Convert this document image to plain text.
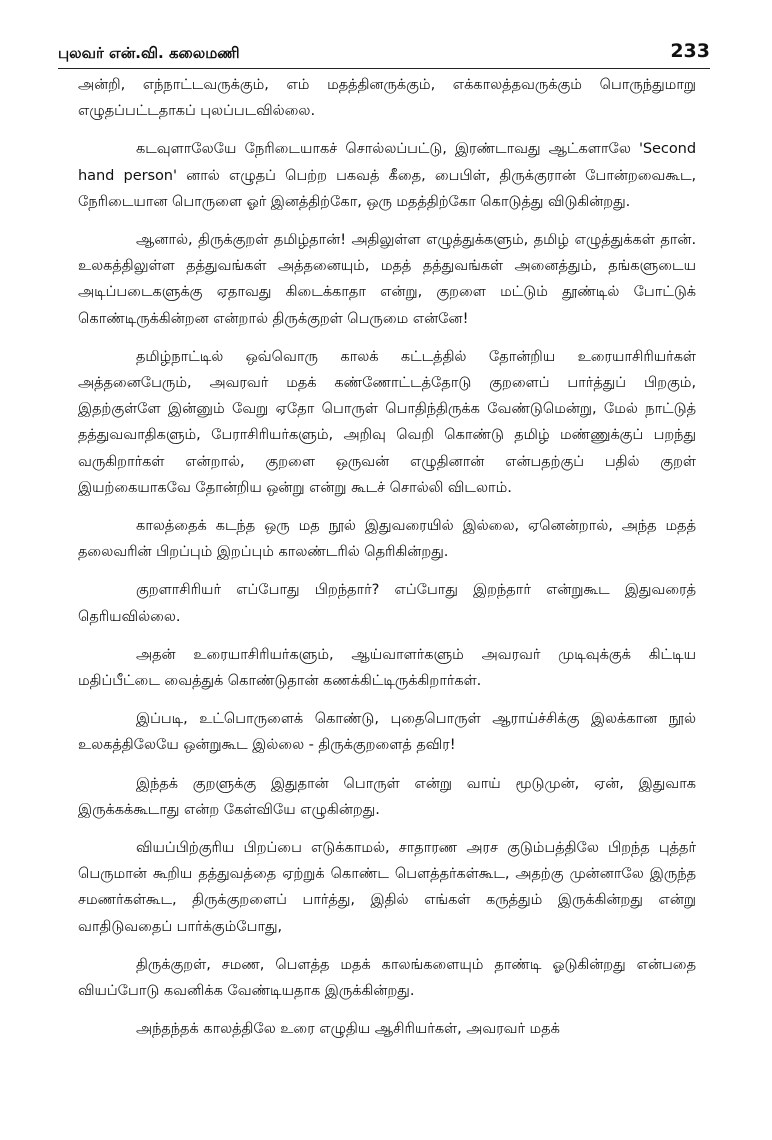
புலவர் என்.வி. கலைமணி	233

அன்றி, எந்நாட்டவருக்கும், எம் மதத்தினருக்கும், எக்காலத்தவருக்கும் பொருந்துமாறு எழுதப்பட்டதாகப் புலப்படவில்லை.

கடவுளாலேயே நேரிடையாகச் சொல்லப்பட்டு, இரண்டாவது ஆட்களாலே 'Second hand person' னால் எழுதப் பெற்ற பகவத் கீதை, பைபிள், திருக்குரான் போன்றவைகூட, நேரிடையான பொருளை ஓர் இனத்திற்கோ, ஒரு மதத்திற்கோ கொடுத்து விடுகின்றது.

ஆனால், திருக்குறள் தமிழ்தான்! அதிலுள்ள எழுத்துக்களும், தமிழ் எழுத்துக்கள் தான். உலகத்திலுள்ள தத்துவங்கள் அத்தனையும், மதத் தத்துவங்கள் அனைத்தும், தங்களுடைய அடிப்படைகளுக்கு ஏதாவது கிடைக்காதா என்று, குறளை மட்டும் தூண்டில் போட்டுக் கொண்டிருக்கின்றன என்றால் திருக்குறள் பெருமை என்னே!

தமிழ்நாட்டில் ஒவ்வொரு காலக் கட்டத்தில் தோன்றிய உரையாசிரியர்கள் அத்தனைபேரும், அவரவர் மதக் கண்ணோட்டத்தோடு குறளைப் பார்த்துப் பிறகும், இதற்குள்ளே இன்னும் வேறு ஏதோ பொருள் பொதிந்திருக்க வேண்டுமென்று, மேல் நாட்டுத் தத்துவவாதிகளும், பேராசிரியர்களும், அறிவு வெறி கொண்டு தமிழ் மண்ணுக்குப் பறந்து வருகிறார்கள் என்றால், குறளை ஒருவன் எழுதினான் என்பதற்குப் பதில் குறள் இயற்கையாகவே தோன்றிய ஒன்று என்று கூடச் சொல்லி விடலாம்.

காலத்தைக் கடந்த ஒரு மத நூல் இதுவரையில் இல்லை, ஏனென்றால், அந்த மதத் தலைவரின் பிறப்பும் இறப்பும் காலண்டரில் தெரிகின்றது.

குறளாசிரியர் எப்போது பிறந்தார்? எப்போது இறந்தார் என்றுகூட இதுவரைத் தெரியவில்லை.

அதன் உரையாசிரியர்களும், ஆய்வாளர்களும் அவரவர் முடிவுக்குக் கிட்டிய மதிப்பீட்டை வைத்துக் கொண்டுதான் கணக்கிட்டிருக்கிறார்கள்.

இப்படி, உட்பொருளைக் கொண்டு, புதைபொருள் ஆராய்ச்சிக்கு இலக்கான நூல் உலகத்திலேயே ஒன்றுகூட இல்லை - திருக்குறளைத் தவிர!

இந்தக் குறளுக்கு இதுதான் பொருள் என்று வாய் மூடுமுன், ஏன், இதுவாக இருக்கக்கூடாது என்ற கேள்வியே எழுகின்றது.

வியப்பிற்குரிய பிறப்பை எடுக்காமல், சாதாரண அரச குடும்பத்திலே பிறந்த புத்தர் பெருமான் கூறிய தத்துவத்தை ஏற்றுக் கொண்ட பௌத்தர்கள்கூட, அதற்கு முன்னாலே இருந்த சமணர்கள்கூட, திருக்குறளைப் பார்த்து, இதில் எங்கள் கருத்தும் இருக்கின்றது என்று வாதிடுவதைப் பார்க்கும்போது,

திருக்குறள், சமண, பௌத்த மதக் காலங்களையும் தாண்டி ஓடுகின்றது என்பதை வியப்போடு கவனிக்க வேண்டியதாக இருக்கின்றது.

அந்தந்தக் காலத்திலே உரை எழுதிய ஆசிரியர்கள், அவரவர் மதக்
